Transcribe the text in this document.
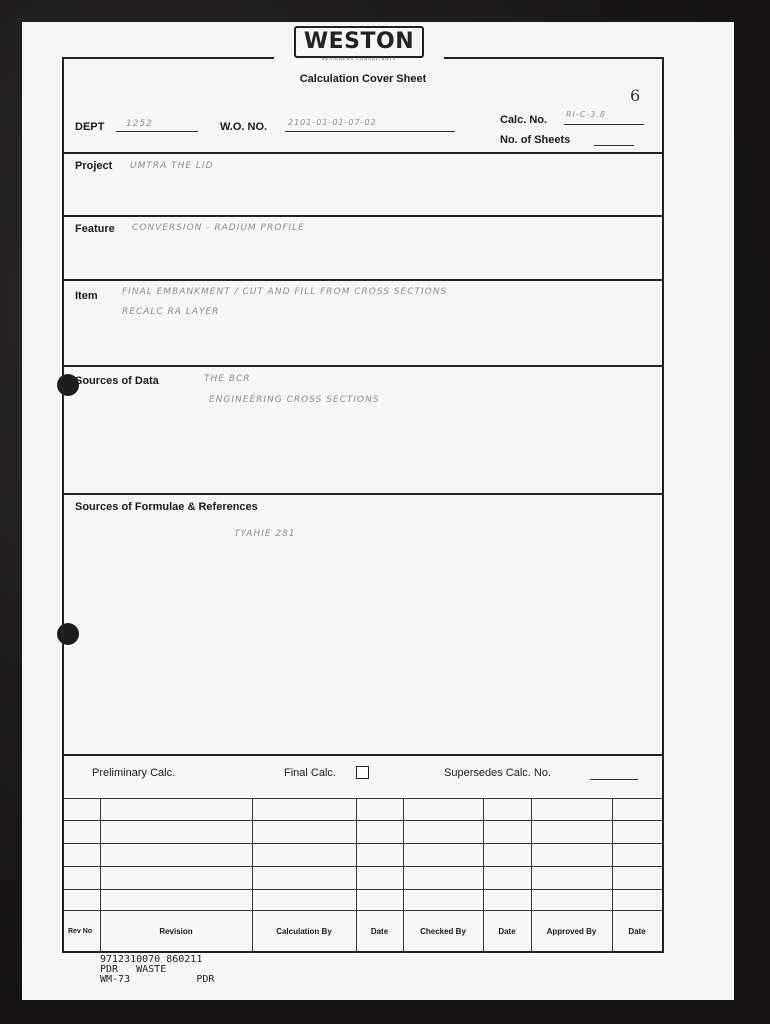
6
Calculation Cover Sheet
DEPT 1252	W.O. NO.	2101-01-01-07-02	Calc. No. RI-C-3.8
No. of Sheets
Project UMTRA THE LID
Feature CONVERSION - RADIUM PROFILE
Item	FINAL EMBANKMENT / CUT AND FILL FROM CROSS SECTIONS
RECALC RA LAYER
Sources of Data	THE BCR
ENGINEERING CROSS SECTIONS
Sources of Formulae & References
TYAHIE 281
Preliminary Calc.	Final Calc.	Supersedes Calc. No.
Rev No	Revision	Calculation By	Date	Checked By	Date	Approved By	Date
WESTON
DESIGNERS CONSULTANTS
9712310070 860211
PDR   WASTE
WM-73           PDR
